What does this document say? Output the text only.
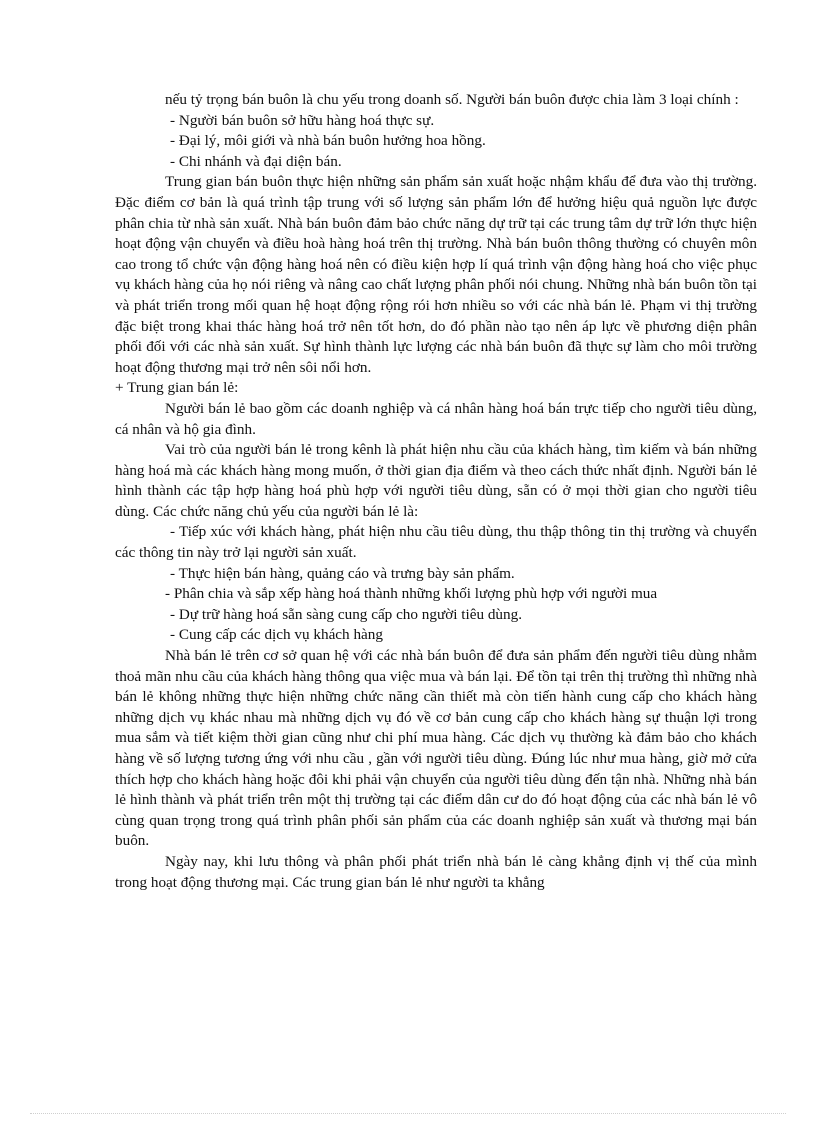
nếu tỷ trọng bán buôn là chu yếu trong doanh số. Người bán buôn được chia làm 3 loại chính :

- Người bán buôn sở hữu hàng hoá thực sự.

- Đại lý, môi giới và nhà bán buôn hưởng hoa hồng.

- Chi nhánh và đại diện bán.

Trung gian bán buôn thực hiện những sản phẩm sản xuất hoặc nhậm khẩu để đưa vào thị trường. Đặc điểm cơ bản là quá trình tập trung với số lượng sản phẩm lớn để hưởng hiệu quả nguồn lực được phân chia từ nhà sản xuất. Nhà bán buôn đảm bảo chức năng dự trữ tại các trung tâm dự trữ lớn thực hiện hoạt động vận chuyển và điều hoà hàng hoá trên thị trường. Nhà bán buôn thông thường có chuyên môn cao trong tổ chức vận động hàng hoá nên có điều kiện hợp lí quá trình vận động hàng hoá cho việc phục vụ khách hàng của họ nói riêng và nâng cao chất lượng phân phối nói chung. Những nhà bán buôn tồn tại và phát triển trong mối quan hệ hoạt động rộng rói hơn nhiều so với các nhà bán lẻ. Phạm vi thị trường đặc biệt trong khai thác hàng hoá trở nên tốt hơn, do đó phần nào tạo nên áp lực về phương diện phân phối đối với các nhà sản xuất. Sự hình thành lực lượng các nhà bán buôn đã thực sự làm cho môi trường hoạt động thương mại trở nên sôi nổi hơn.

+ Trung gian bán lẻ:

Người bán lẻ bao gồm các doanh nghiệp và cá nhân hàng hoá bán trực tiếp cho người tiêu dùng, cá nhân và hộ gia đình.

Vai trò của người bán lẻ trong kênh là phát hiện nhu cầu của khách hàng, tìm kiếm và bán những hàng hoá mà các khách hàng mong muốn, ở thời gian địa điểm và theo cách thức nhất định. Người bán lẻ hình thành các tập hợp hàng hoá phù hợp với người tiêu dùng, sẵn có ở mọi thời gian cho người tiêu dùng. Các chức năng chủ yếu của người bán lẻ là:

- Tiếp xúc với khách hàng, phát hiện nhu cầu tiêu dùng, thu thập thông tin thị trường và chuyển các thông tin này trở lại người sản xuất.

- Thực hiện bán hàng, quảng cáo và trưng bày sản phẩm.

- Phân chia và sắp xếp hàng hoá thành những khối lượng phù hợp với người mua

- Dự trữ hàng hoá sẵn sàng cung cấp cho người tiêu dùng.

- Cung cấp các dịch vụ khách hàng

Nhà bán lẻ trên cơ sở quan hệ với các nhà bán buôn để đưa sản phẩm đến người tiêu dùng nhằm thoả mãn nhu cầu của khách hàng thông qua việc mua và bán lại. Để tồn tại trên thị trường thì những nhà bán lẻ không những thực hiện những chức năng cần thiết mà còn tiến hành cung cấp cho khách hàng những dịch vụ khác nhau mà những dịch vụ đó về cơ bản cung cấp cho khách hàng sự thuận lợi trong mua sắm và tiết kiệm thời gian cũng như chi phí mua hàng. Các dịch vụ thường kà đảm bảo cho khách hàng về số lượng tương ứng với nhu cầu , gần với người tiêu dùng. Đúng lúc như mua hàng, giờ mở cửa thích hợp cho khách hàng hoặc đôi khi phải vận chuyển của người tiêu dùng đến tận nhà. Những nhà bán lẻ hình thành và phát triển trên một thị trường tại các điểm dân cư do đó hoạt động của các nhà bán lẻ vô cùng quan trọng trong quá trình phân phối sản phẩm của các doanh nghiệp sản xuất và thương mại bán buôn.

Ngày nay, khi lưu thông và phân phối phát triển nhà bán lẻ càng khẳng định vị thế của mình trong hoạt động thương mại. Các trung gian bán lẻ như người ta khẳng
